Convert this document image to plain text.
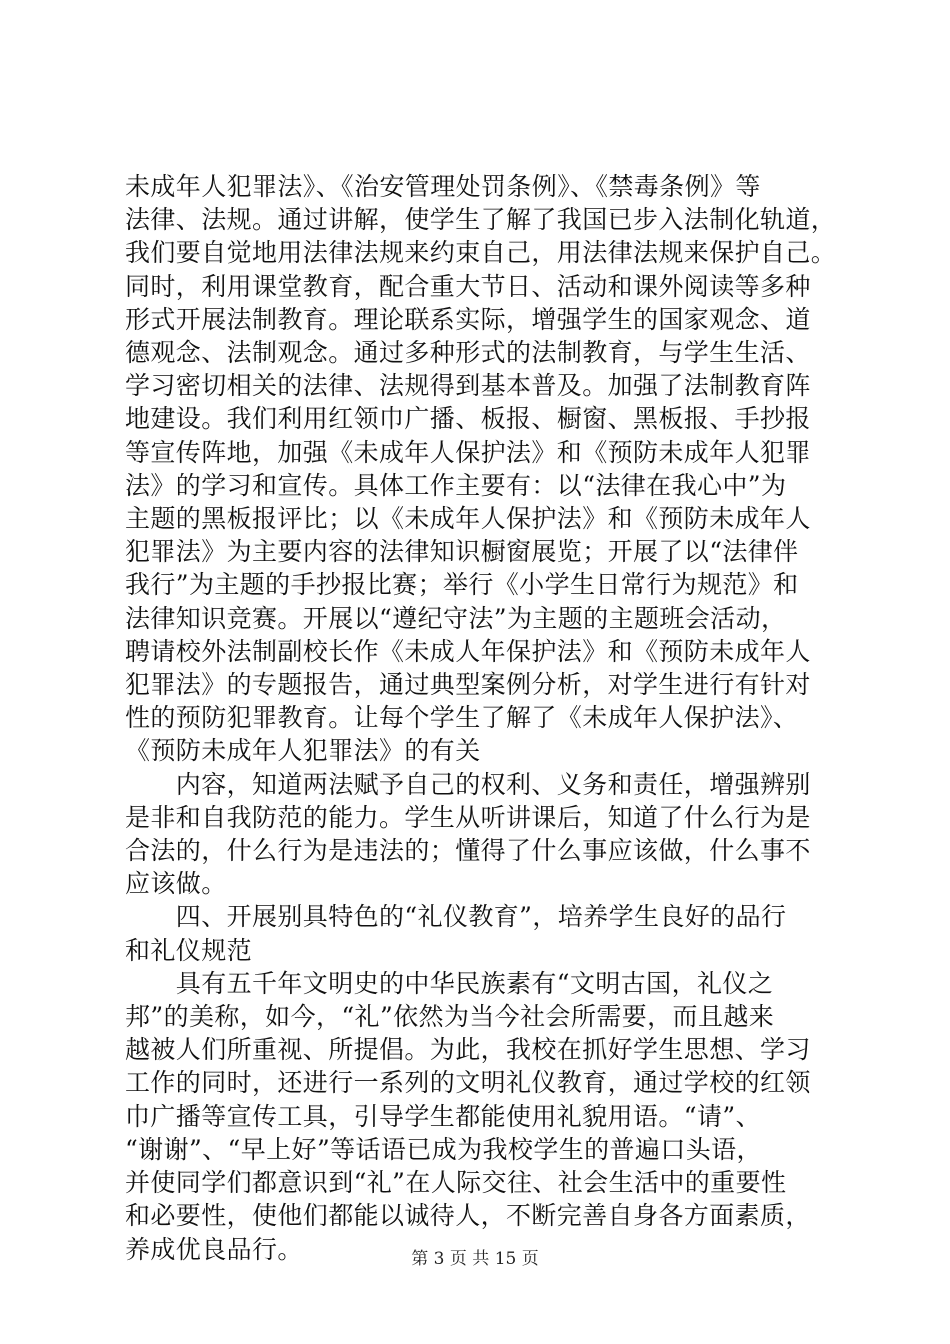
未成年人犯罪法》、《治安管理处罚条例》、《禁毒条例》等
法律、法规。通过讲解，使学生了解了我国已步入法制化轨道，
我们要自觉地用法律法规来约束自己，用法律法规来保护自己。
同时，利用课堂教育，配合重大节日、活动和课外阅读等多种
形式开展法制教育。理论联系实际，增强学生的国家观念、道
德观念、法制观念。通过多种形式的法制教育，与学生生活、
学习密切相关的法律、法规得到基本普及。加强了法制教育阵
地建设。我们利用红领巾广播、板报、橱窗、黑板报、手抄报
等宣传阵地，加强《未成年人保护法》和《预防未成年人犯罪
法》的学习和宣传。具体工作主要有：以“法律在我心中”为
主题的黑板报评比；以《未成年人保护法》和《预防未成年人
犯罪法》为主要内容的法律知识橱窗展览；开展了以“法律伴
我行”为主题的手抄报比赛；举行《小学生日常行为规范》和
法律知识竞赛。开展以“遵纪守法”为主题的主题班会活动，
聘请校外法制副校长作《未成人年保护法》和《预防未成年人
犯罪法》的专题报告，通过典型案例分析，对学生进行有针对
性的预防犯罪教育。让每个学生了解了《未成年人保护法》、
《预防未成年人犯罪法》的有关
　　内容，知道两法赋予自己的权利、义务和责任，增强辨别
是非和自我防范的能力。学生从听讲课后，知道了什么行为是
合法的，什么行为是违法的；懂得了什么事应该做，什么事不
应该做。
　　四、开展别具特色的“礼仪教育”，培养学生良好的品行
和礼仪规范
　　具有五千年文明史的中华民族素有“文明古国，礼仪之
邦”的美称，如今，“礼”依然为当今社会所需要，而且越来
越被人们所重视、所提倡。为此，我校在抓好学生思想、学习
工作的同时，还进行一系列的文明礼仪教育，通过学校的红领
巾广播等宣传工具，引导学生都能使用礼貌用语。“请”、
“谢谢”、“早上好”等话语已成为我校学生的普遍口头语，
并使同学们都意识到“礼”在人际交往、社会生活中的重要性
和必要性，使他们都能以诚待人，不断完善自身各方面素质，
养成优良品行。	第 3 页 共 15 页
